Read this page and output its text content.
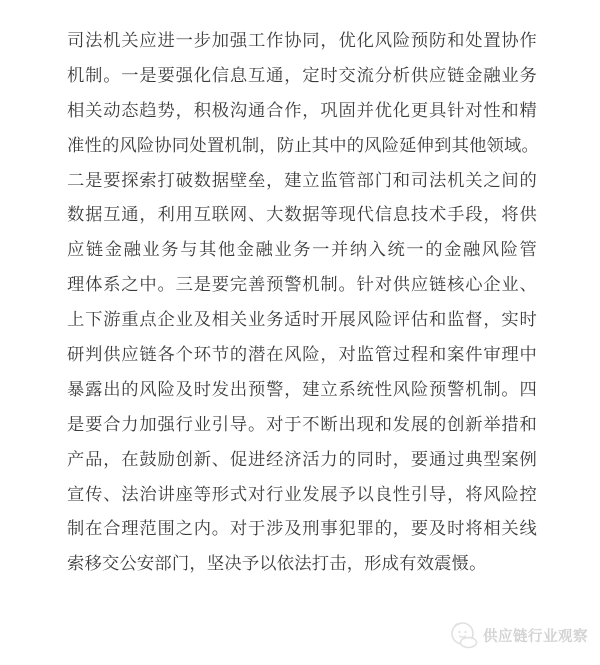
司法机关应进一步加强工作协同，优化风险预防和处置协作
机制。一是要强化信息互通，定时交流分析供应链金融业务
相关动态趋势，积极沟通合作，巩固并优化更具针对性和精
准性的风险协同处置机制，防止其中的风险延伸到其他领域。
二是要探索打破数据壁垒，建立监管部门和司法机关之间的
数据互通，利用互联网、大数据等现代信息技术手段，将供
应链金融业务与其他金融业务一并纳入统一的金融风险管
理体系之中。三是要完善预警机制。针对供应链核心企业、
上下游重点企业及相关业务适时开展风险评估和监督，实时
研判供应链各个环节的潜在风险，对监管过程和案件审理中
暴露出的风险及时发出预警，建立系统性风险预警机制。四
是要合力加强行业引导。对于不断出现和发展的创新举措和
产品，在鼓励创新、促进经济活力的同时，要通过典型案例
宣传、法治讲座等形式对行业发展予以良性引导，将风险控
制在合理范围之内。对于涉及刑事犯罪的，要及时将相关线
索移交公安部门，坚决予以依法打击，形成有效震慑。
供应链行业观察
